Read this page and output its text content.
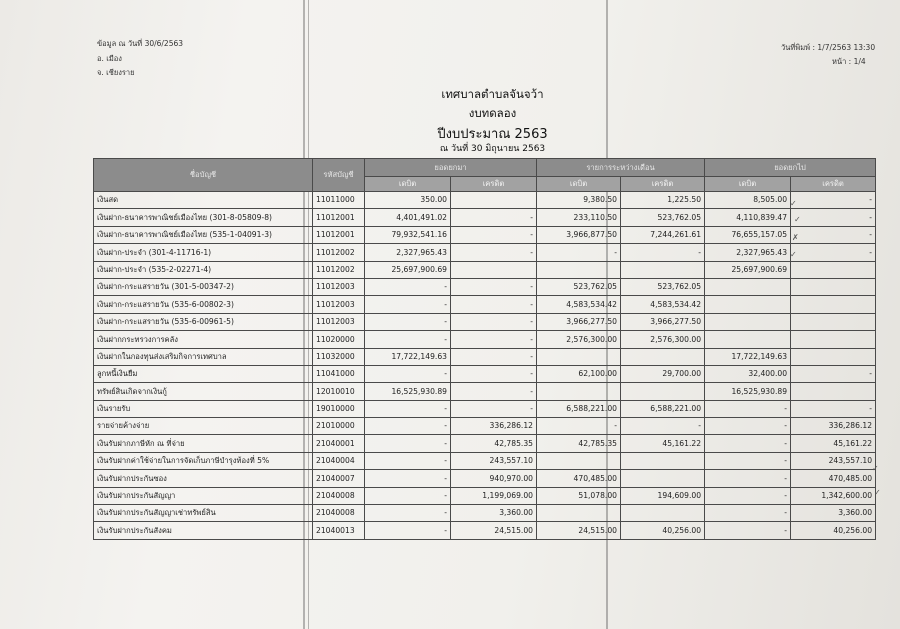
ข้อมูล ณ วันที่ 30/6/2563
อ. เมือง
จ. เชียงราย
วันที่พิมพ์ : 1/7/2563 13:30
หน้า : 1/4
เทศบาลตำบลจันจว้า
งบทดลอง
ปีงบประมาณ 2563
ณ วันที่ 30 มิถุนายน 2563
ชื่อบัญชี	รหัสบัญชี	ยอดยกมา		รายการระหว่างเดือน		ยอดยกไป	
		เดบิต	เครดิต	เดบิต	เครดิต	เดบิต	เครดิต
เงินสด	11011000	350.00		9,380.50	1,225.50	8,505.00	-
เงินฝาก-ธนาคารพาณิชย์เมืองไทย (301-8-05809-8)	11012001	4,401,491.02	-	233,110.50	523,762.05	4,110,839.47	-
เงินฝาก-ธนาคารพาณิชย์เมืองไทย (535-1-04091-3)	11012001	79,932,541.16	-	3,966,877.50	7,244,261.61	76,655,157.05	-
เงินฝาก-ประจำ (301-4-11716-1)	11012002	2,327,965.43	-	-	-	2,327,965.43	-
เงินฝาก-ประจำ (535-2-02271-4)	11012002	25,697,900.69				25,697,900.69	
เงินฝาก-กระแสรายวัน (301-5-00347-2)	11012003	-	-	523,762.05	523,762.05		
เงินฝาก-กระแสรายวัน (535-6-00802-3)	11012003	-	-	4,583,534.42	4,583,534.42		
เงินฝาก-กระแสรายวัน (535-6-00961-5)	11012003	-	-	3,966,277.50	3,966,277.50		
เงินฝากกระทรวงการคลัง	11020000	-	-	2,576,300.00	2,576,300.00		
เงินฝากในกองทุนส่งเสริมกิจการเทศบาล	11032000	17,722,149.63	-			17,722,149.63	
ลูกหนี้เงินยืม	11041000	-	-	62,100.00	29,700.00	32,400.00	-
ทรัพย์สินเกิดจากเงินกู้	12010010	16,525,930.89	-			16,525,930.89	
เงินรายรับ	19010000	-	-	6,588,221.00	6,588,221.00	-	-
รายจ่ายค้างจ่าย	21010000	-	336,286.12	-	-	-	336,286.12
เงินรับฝากภาษีหัก ณ ที่จ่าย	21040001	-	42,785.35	42,785.35	45,161.22	-	45,161.22
เงินรับฝากค่าใช้จ่ายในการจัดเก็บภาษีบำรุงท้องที่ 5%	21040004	-	243,557.10			-	243,557.10
เงินรับฝากประกันซอง	21040007	-	940,970.00	470,485.00		-	470,485.00
เงินรับฝากประกันสัญญา	21040008	-	1,199,069.00	51,078.00	194,609.00	-	1,342,600.00
เงินรับฝากประกันสัญญาเช่าทรัพย์สิน	21040008	-	3,360.00			-	3,360.00
เงินรับฝากประกันสังคม	21040013	-	24,515.00	24,515.00	40,256.00	-	40,256.00
✓
✓
✗
✓
✓
✓
